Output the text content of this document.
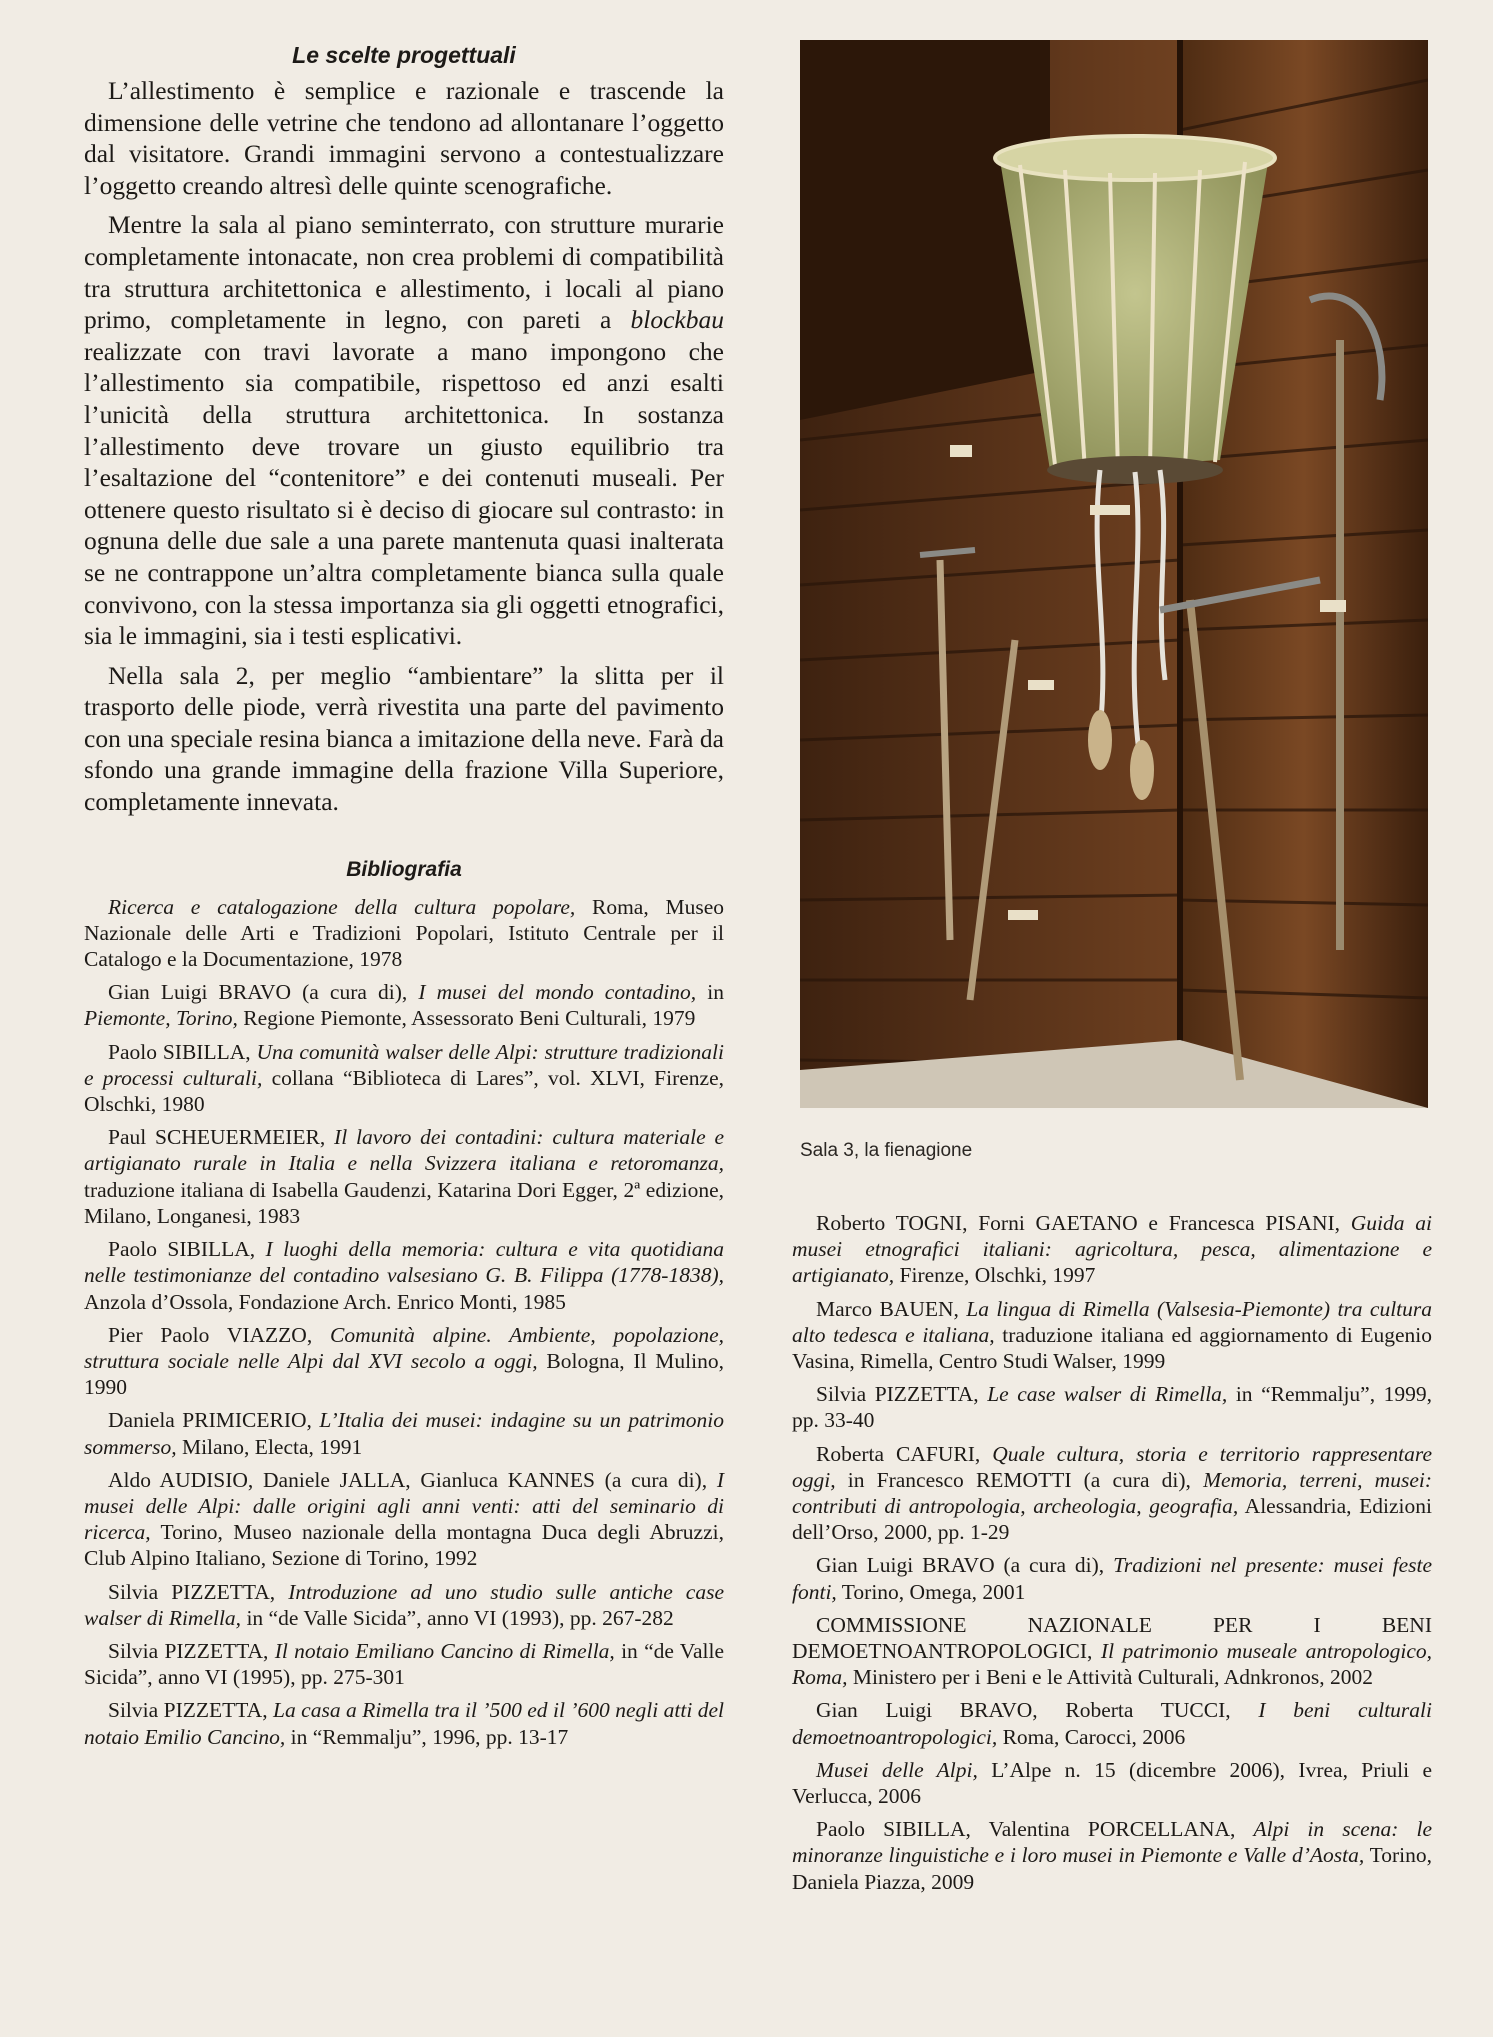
Le scelte progettuali

L’allestimento è semplice e razionale e trascende la dimensione delle vetrine che tendono ad allontanare l’oggetto dal visitatore. Grandi immagini servono a contestualizzare l’oggetto creando altresì delle quinte scenografiche.

Mentre la sala al piano seminterrato, con strutture murarie completamente intonacate, non crea problemi di compatibilità tra struttura architettonica e allestimento, i locali al piano primo, completamente in legno, con pareti a blockbau realizzate con travi lavorate a mano impongono che l’allestimento sia compatibile, rispettoso ed anzi esalti l’unicità della struttura architettonica. In sostanza l’allestimento deve trovare un giusto equilibrio tra l’esaltazione del “contenitore” e dei contenuti museali. Per ottenere questo risultato si è deciso di giocare sul contrasto: in ognuna delle due sale a una parete mantenuta quasi inalterata se ne contrappone un’altra completamente bianca sulla quale convivono, con la stessa importanza sia gli oggetti etnografici, sia le immagini, sia i testi esplicativi.

Nella sala 2, per meglio “ambientare” la slitta per il trasporto delle piode, verrà rivestita una parte del pavimento con una speciale resina bianca a imitazione della neve. Farà da sfondo una grande immagine della frazione Villa Superiore, completamente innevata.

Bibliografia

Ricerca e catalogazione della cultura popolare, Roma, Museo Nazionale delle Arti e Tradizioni Popolari, Istituto Centrale per il Catalogo e la Documentazione, 1978

Gian Luigi BRAVO (a cura di), I musei del mondo contadino, in Piemonte, Torino, Regione Piemonte, Assessorato Beni Culturali, 1979

Paolo SIBILLA, Una comunità walser delle Alpi: strutture tradizionali e processi culturali, collana “Biblioteca di Lares”, vol. XLVI, Firenze, Olschki, 1980

Paul SCHEUERMEIER, Il lavoro dei contadini: cultura materiale e artigianato rurale in Italia e nella Svizzera italiana e retoromanza, traduzione italiana di Isabella Gaudenzi, Katarina Dori Egger, 2ª edizione, Milano, Longanesi, 1983

Paolo SIBILLA, I luoghi della memoria: cultura e vita quotidiana nelle testimonianze del contadino valsesiano G. B. Filippa (1778-1838), Anzola d’Ossola, Fondazione Arch. Enrico Monti, 1985

Pier Paolo VIAZZO, Comunità alpine. Ambiente, popolazione, struttura sociale nelle Alpi dal XVI secolo a oggi, Bologna, Il Mulino, 1990

Daniela PRIMICERIO, L’Italia dei musei: indagine su un patrimonio sommerso, Milano, Electa, 1991

Aldo AUDISIO, Daniele JALLA, Gianluca KANNES (a cura di), I musei delle Alpi: dalle origini agli anni venti: atti del seminario di ricerca, Torino, Museo nazionale della montagna Duca degli Abruzzi, Club Alpino Italiano, Sezione di Torino, 1992

Silvia PIZZETTA, Introduzione ad uno studio sulle antiche case walser di Rimella, in “de Valle Sicida”, anno VI (1993), pp. 267-282

Silvia PIZZETTA, Il notaio Emiliano Cancino di Rimella, in “de Valle Sicida”, anno VI (1995), pp. 275-301

Silvia PIZZETTA, La casa a Rimella tra il ’500 ed il ’600 negli atti del notaio Emilio Cancino, in “Remmalju”, 1996, pp. 13-17

Sala 3, la fienagione

Roberto TOGNI, Forni GAETANO e Francesca PISANI, Guida ai musei etnografici italiani: agricoltura, pesca, alimentazione e artigianato, Firenze, Olschki, 1997

Marco BAUEN, La lingua di Rimella (Valsesia-Piemonte) tra cultura alto tedesca e italiana, traduzione italiana ed aggiornamento di Eugenio Vasina, Rimella, Centro Studi Walser, 1999

Silvia PIZZETTA, Le case walser di Rimella, in “Remmalju”, 1999, pp. 33-40

Roberta CAFURI, Quale cultura, storia e territorio rappresentare oggi, in Francesco REMOTTI (a cura di), Memoria, terreni, musei: contributi di antropologia, archeologia, geografia, Alessandria, Edizioni dell’Orso, 2000, pp. 1-29

Gian Luigi BRAVO (a cura di), Tradizioni nel presente: musei feste fonti, Torino, Omega, 2001

COMMISSIONE NAZIONALE PER I BENI DEMOETNOANTROPOLOGICI, Il patrimonio museale antropologico, Roma, Ministero per i Beni e le Attività Culturali, Adnkronos, 2002

Gian Luigi BRAVO, Roberta TUCCI, I beni culturali demoetnoantropologici, Roma, Carocci, 2006

Musei delle Alpi, L’Alpe n. 15 (dicembre 2006), Ivrea, Priuli e Verlucca, 2006

Paolo SIBILLA, Valentina PORCELLANA, Alpi in scena: le minoranze linguistiche e i loro musei in Piemonte e Valle d’Aosta, Torino, Daniela Piazza, 2009
